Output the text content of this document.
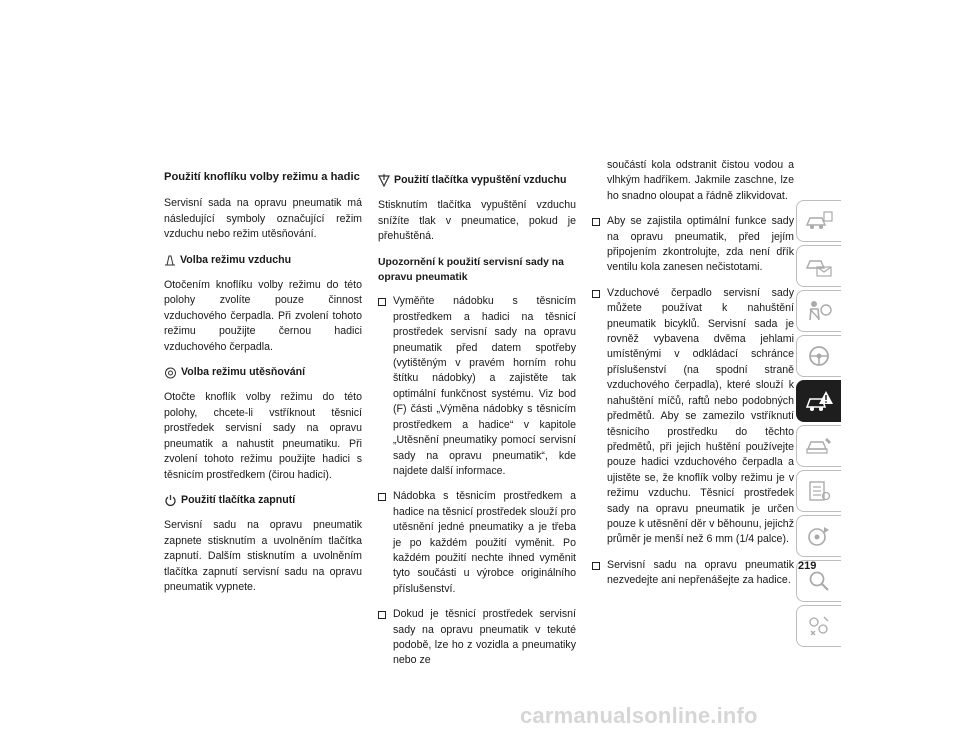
Použití knoflíku volby režimu a hadic

Servisní sada na opravu pneumatik má následující symboly označující režim vzduchu nebo režim utěsňování.

Volba režimu vzduchu

Otočením knoflíku volby režimu do této polohy zvolíte pouze činnost vzduchového čerpadla. Při zvolení tohoto režimu použijte černou hadici vzduchového čerpadla.

Volba režimu utěsňování

Otočte knoflík volby režimu do této polohy, chcete-li vstříknout těsnicí prostředek servisní sady na opravu pneumatik a nahustit pneumatiku. Při zvolení tohoto režimu použijte hadici s těsnicím prostředkem (čirou hadici).

Použití tlačítka zapnutí

Servisní sadu na opravu pneumatik zapnete stisknutím a uvolněním tlačítka zapnutí. Dalším stisknutím a uvolněním tlačítka zapnutí servisní sadu na opravu pneumatik vypnete.

Použití tlačítka vypuštění vzduchu

Stisknutím tlačítka vypuštění vzduchu snížíte tlak v pneumatice, pokud je přehuštěná.

Upozornění k použití servisní sady na opravu pneumatik
Vyměňte nádobku s těsnicím prostředkem a hadici na těsnicí prostředek servisní sady na opravu pneumatik před datem spotřeby (vytištěným v pravém horním rohu štítku nádobky) a zajistěte tak optimální funkčnost systému. Viz bod (F) části „Výměna nádobky s těsnicím prostředkem a hadice“ v kapitole „Utěsnění pneumatiky pomocí servisní sady na opravu pneumatik“, kde najdete další informace.
Nádobka s těsnicím prostředkem a hadice na těsnicí prostředek slouží pro utěsnění jedné pneumatiky a je třeba je po každém použití vyměnit. Po každém použití nechte ihned vyměnit tyto součásti u výrobce originálního příslušenství.
Dokud je těsnicí prostředek servisní sady na opravu pneumatik v tekuté podobě, lze ho z vozidla a pneumatiky nebo ze
součástí kola odstranit čistou vodou a vlhkým hadříkem. Jakmile zaschne, lze ho snadno oloupat a řádně zlikvidovat.
Aby se zajistila optimální funkce sady na opravu pneumatik, před jejím připojením zkontrolujte, zda není dřík ventilu kola zanesen nečistotami.
Vzduchové čerpadlo servisní sady můžete používat k nahuštění pneumatik bicyklů. Servisní sada je rovněž vybavena dvěma jehlami umístěnými v odkládací schránce příslušenství (na spodní straně vzduchového čerpadla), které slouží k nahuštění míčů, raftů nebo podobných předmětů. Aby se zamezilo vstříknutí těsnicího prostředku do těchto předmětů, při jejich huštění používejte pouze hadici vzduchového čerpadla a ujistěte se, že knoflík volby režimu je v režimu vzduchu. Těsnicí prostředek sady na opravu pneumatik je určen pouze k utěsnění děr v běhounu, jejichž průměr je menší než 6 mm (1/4 palce).
Servisní sadu na opravu pneumatik nezvedejte ani nepřenášejte za hadice.
219
carmanualsonline.info
